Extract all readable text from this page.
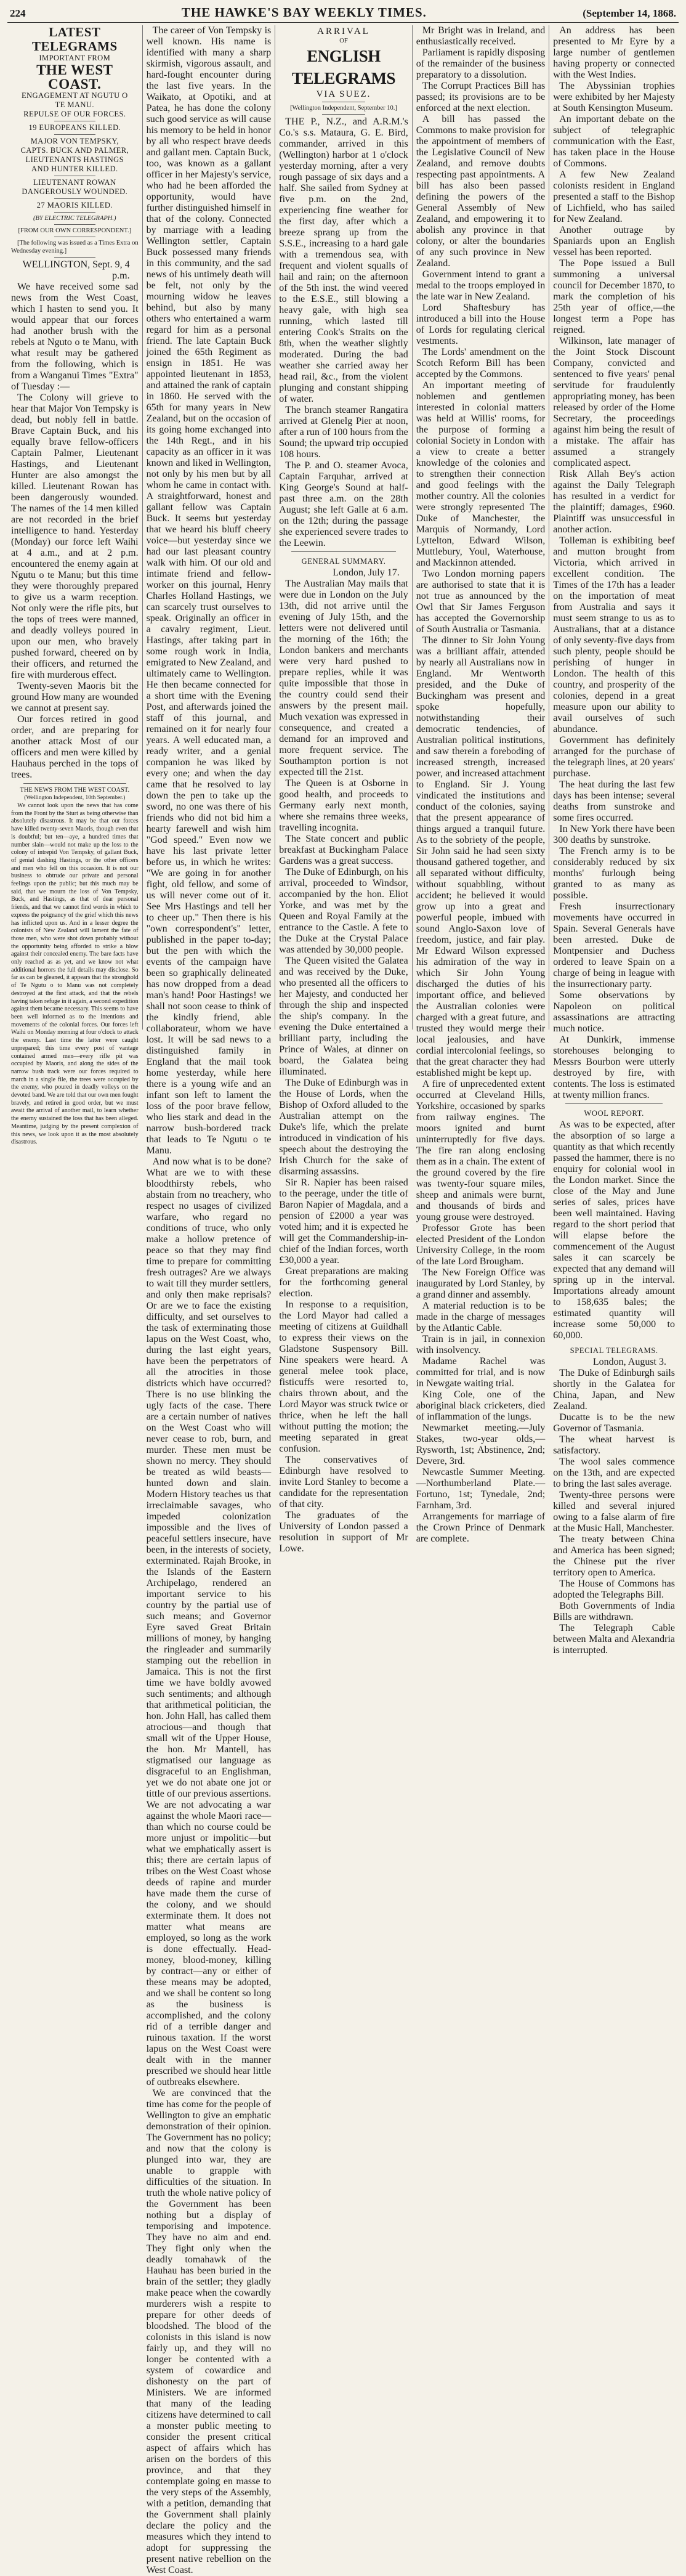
224	THE HAWKE'S BAY WEEKLY TIMES.	(September 14, 1868.
LATEST TELEGRAMS
IMPORTANT FROM
THE WEST COAST.
ENGAGEMENT AT NGUTU O
TE MANU.
REPULSE OF OUR FORCES.
19 EUROPEANS KILLED.
MAJOR VON TEMPSKY,
CAPTS. BUCK AND PALMER,
LIEUTENANTS HASTINGS
AND HUNTER KILLED.
LIEUTENANT ROWAN
DANGEROUSLY WOUNDED.
27 MAORIS KILLED.
(BY ELECTRIC TELEGRAPH.)
[FROM OUR OWN CORRESPONDENT.]

[The following was issued as a Times Extra on Wednesday evening.]

WELLINGTON, Sept. 9, 4 p.m.

We have received some sad news from the West Coast, which I hasten to send you. It would appear that our forces had another brush with the rebels at Nguto o te Manu, with what result may be gathered from the following, which is from a Wanganui Times "Extra" of Tuesday :—

The Colony will grieve to hear that Major Von Tempsky is dead, but nobly fell in battle. Brave Captain Buck, and his equally brave fellow-officers Captain Palmer, Lieutenant Hastings, and Lieutenant Hunter are also amongst the killed. Lieutenant Rowan has been dangerously wounded. The names of the 14 men killed are not recorded in the brief intelligence to hand. Yesterday (Monday) our force left Waihi at 4 a.m., and at 2 p.m. encountered the enemy again at Ngutu o te Manu; but this time they were thoroughly prepared to give us a warm reception. Not only were the rifle pits, but the tops of trees were manned, and deadly volleys poured in upon our men, who bravely pushed forward, cheered on by their officers, and returned the fire with murderous effect.

Twenty-seven Maoris bit the ground How many are wounded we cannot at present say.

Our forces retired in good order, and are preparing for another attack Most of our officers and men were killed by Hauhaus perched in the tops of trees.

THE NEWS FROM THE WEST COAST.
(Wellington Independent, 10th September.)

We cannot look upon the news that has come from the Front by the Sturt as being otherwise than absolutely disastrous. It may be that our forces have killed twenty-seven Maoris, though even that is doubtful; but ten—aye, a hundred times that number slain—would not make up the loss to the colony of intrepid Von Tempsky, of gallant Buck, of genial dashing Hastings, or the other officers and men who fell on this occasion. It is not our business to obtrude our private and personal feelings upon the public; but this much may be said, that we mourn the loss of Von Tempsky, Buck, and Hastings, as that of dear personal friends, and that we cannot find words in which to express the poignancy of the grief which this news has inflicted upon us. And in a lesser degree the colonists of New Zealand will lament the fate of those men, who were shot down probably without the opportunity being afforded to strike a blow against their concealed enemy. The bare facts have only reached as as yet, and we know not what additional horrors the full details may disclose. So far as can be gleaned, it appears that the stronghold of Te Ngutu o to Manu was not completely destroyed at the first attack, and that the rebels having taken refuge in it again, a second expedition against them became necessary. This seems to have been well informed as to the intentions and movements of the colonial forces. Our forces left Waihi on Monday morning at four o'clock to attack the enemy. Last time the latter were caught unprepared; this time every post of vantage contained armed men—every rifle pit was occupied by Maoris, and along the sides of the narrow bush track were our forces required to march in a single file, the trees were occupied by the enemy, who poured in deadly volleys on the devoted band. We are told that our own men fought bravely, and retired in good order, but we must await the arrival of another mail, to learn whether the enemy sustained the loss that has been alleged. Meantime, judging by the present complexion of this news, we look upon it as the most absolutely disastrous.

The career of Von Tempsky is well known. His name is identified with many a sharp skirmish, vigorous assault, and hard-fought encounter during the last five years. In the Waikato, at Opotiki, and at Patea, he has done the colony such good service as will cause his memory to be held in honor by all who respect brave deeds and gallant men. Captain Buck, too, was known as a gallant officer in her Majesty's service, who had he been afforded the opportunity, would have further distinguished himself in that of the colony. Connected by marriage with a leading Wellington settler, Captain Buck possessed many friends in this community, and the sad news of his untimely death will be felt, not only by the mourning widow he leaves behind, but also by many others who entertained a warm regard for him as a personal friend. The late Captain Buck joined the 65th Regiment as ensign in 1851. He was appointed lieutenant in 1853, and attained the rank of captain in 1860. He served with the 65th for many years in New Zealand, but on the occasion of its going home exchanged into the 14th Regt., and in his capacity as an officer in it was known and liked in Wellington, not only by his men but by all whom he came in contact with. A straightforward, honest and gallant fellow was Captain Buck. It seems but yesterday that we heard his bluff cheery voice—but yesterday since we had our last pleasant country walk with him. Of our old and intimate friend and fellow-worker on this journal, Henry Charles Holland Hastings, we can scarcely trust ourselves to speak. Originally an officer in a cavalry regiment, Lieut. Hastings, after taking part in some rough work in India, emigrated to New Zealand, and ultimately came to Wellington. He then became connected for a short time with the Evening Post, and afterwards joined the staff of this journal, and remained on it for nearly four years. A well educated man, a ready writer, and a genial companion he was liked by every one; and when the day came that he resolved to lay down the pen to take up the sword, no one was there of his friends who did not bid him a hearty farewell and wish him "God speed." Even now we have his last private letter before us, in which he writes: "We are going in for another fight, old fellow, and some of us will never come out of it. See Mrs Hastings and tell her to cheer up." Then there is his "own correspondent's" letter, published in the paper to-day; but the pen with which the events of the campaign have been so graphically delineated has now dropped from a dead man's hand! Poor Hastings! we shall not soon cease to think of the kindly friend, able collaborateur, whom we have lost. It will be sad news to a distinguished family in England that the mail took home yesterday, while here there is a young wife and an infant son left to lament the loss of the poor brave fellow, who lies stark and dead in the narrow bush-bordered track that leads to Te Ngutu o te Manu.

And now what is to be done? What are we to with these bloodthirsty rebels, who abstain from no treachery, who respect no usages of civilized warfare, who regard no conditions of truce, who only make a hollow pretence of peace so that they may find time to prepare for committing fresh outrages? Are we always to wait till they murder settlers, and only then make reprisals? Or are we to face the existing difficulty, and set ourselves to the task of exterminating those lapus on the West Coast, who, during the last eight years, have been the perpetrators of all the atrocities in those districts which have occurred? There is no use blinking the ugly facts of the case. There are a certain number of natives on the West Coast who will never cease to rob, burn, and murder. These men must be shown no mercy. They should be treated as wild beasts—hunted down and slain. Modern History teaches us that irreclaimable savages, who impeded colonization impossible and the lives of peaceful settlers insecure, have been, in the interests of society, exterminated. Rajah Brooke, in the Islands of the Eastern Archipelago, rendered an important service to his country by the partial use of such means; and Governor Eyre saved Great Britain millions of money, by hanging the ringleader and summarily stamping out the rebellion in Jamaica. This is not the first time we have boldly avowed such sentiments; and although that arithmetical politician, the hon. John Hall, has called them atrocious—and though that small wit of the Upper House, the hon. Mr Mantell, has stigmatised our language as disgraceful to an Englishman, yet we do not abate one jot or tittle of our previous assertions. We are not advocating a war against the whole Maori race—than which no course could be more unjust or impolitic—but what we emphatically assert is this; there are certain lapus of tribes on the West Coast whose deeds of rapine and murder have made them the curse of the colony, and we should exterminate them. It does not matter what means are employed, so long as the work is done effectually. Head-money, blood-money, killing by contract—any or either of these means may be adopted, and we shall be content so long as the business is accomplished, and the colony rid of a terrible danger and ruinous taxation. If the worst lapus on the West Coast were dealt with in the manner prescribed we should hear little of outbreaks elsewhere.

We are convinced that the time has come for the people of Wellington to give an emphatic demonstration of their opinion. The Government has no policy; and now that the colony is plunged into war, they are unable to grapple with difficulties of the situation. In truth the whole native policy of the Government has been nothing but a display of temporising and impotence. They have no aim and end. They fight only when the deadly tomahawk of the Hauhau has been buried in the brain of the settler; they gladly make peace when the cowardly murderers wish a respite to prepare for other deeds of bloodshed. The blood of the colonists in this island is now fairly up, and they will no longer be contented with a system of cowardice and dishonesty on the part of Ministers. We are informed that many of the leading citizens have determined to call a monster public meeting to consider the present critical aspect of affairs which has arisen on the borders of this province, and that they contemplate going en masse to the very steps of the Assembly, with a petition, demanding that the Government shall plainly declare the policy and the measures which they intend to adopt for suppressing the present native rebellion on the West Coast.

ARRIVAL
OF
ENGLISH TELEGRAMS
VIA SUEZ.
[Wellington Independent, September 10.]

THE P., N.Z., and A.R.M.'s Co.'s s.s. Mataura, G. E. Bird, commander, arrived in this (Wellington) harbor at 1 o'clock yesterday morning, after a very rough passage of six days and a half. She sailed from Sydney at five p.m. on the 2nd, experiencing fine weather for the first day, after which a breeze sprang up from the S.S.E., increasing to a hard gale with a tremendous sea, with frequent and violent squalls of hail and rain; on the afternoon of the 5th inst. the wind veered to the E.S.E., still blowing a heavy gale, with high sea running, which lasted till entering Cook's Straits on the 8th, when the weather slightly moderated. During the bad weather she carried away her head rail, &c., from the violent plunging and constant shipping of water.

The branch steamer Rangatira arrived at Glenelg Pier at noon, after a run of 100 hours from the Sound; the upward trip occupied 108 hours.

The P. and O. steamer Avoca, Captain Farquhar, arrived at King George's Sound at half-past three a.m. on the 28th August; she left Galle at 6 a.m. on the 12th; during the passage she experienced severe trades to the Leewin.

GENERAL SUMMARY.

London, July 17.

The Australian May mails that were due in London on the July 13th, did not arrive until the evening of July 15th, and the letters were not delivered until the morning of the 16th; the London bankers and merchants were very hard pushed to prepare replies, while it was quite impossible that those in the country could send their answers by the present mail. Much vexation was expressed in consequence, and created a demand for an improved and more frequent service. The Southampton portion is not expected till the 21st.

The Queen is at Osborne in good health, and proceeds to Germany early next month, where she remains three weeks, travelling incognita.

The State concert and public breakfast at Buckingham Palace Gardens was a great success.

The Duke of Edinburgh, on his arrival, proceeded to Windsor, accompanied by the hon. Eliot Yorke, and was met by the Queen and Royal Family at the entrance to the Castle. A fete to the Duke at the Crystal Palace was attended by 30,000 people.

The Queen visited the Galatea and was received by the Duke, who presented all the officers to her Majesty, and conducted her through the ship and inspected the ship's company. In the evening the Duke entertained a brilliant party, including the Prince of Wales, at dinner on board, the Galatea being illuminated.

The Duke of Edinburgh was in the House of Lords, when the Bishop of Oxford alluded to the Australian attempt on the Duke's life, which the prelate introduced in vindication of his speech about the destroying the Irish Church for the sake of disarming assassins.

Sir R. Napier has been raised to the peerage, under the title of Baron Napier of Magdala, and a pension of £2000 a year was voted him; and it is expected he will get the Commandership-in-chief of the Indian forces, worth £30,000 a year.

Great preparations are making for the forthcoming general election.

In response to a requisition, the Lord Mayor had called a meeting of citizens at Guildhall to express their views on the Gladstone Suspensory Bill. Nine speakers were heard. A general melee took place, fisticuffs were resorted to, chairs thrown about, and the Lord Mayor was struck twice or thrice, when he left the hall without putting the motion; the meeting separated in great confusion.

The conservatives of Edinburgh have resolved to invite Lord Stanley to become a candidate for the representation of that city.

The graduates of the University of London passed a resolution in support of Mr Lowe.

Mr Bright was in Ireland, and enthusiastically received.

Parliament is rapidly disposing of the remainder of the business preparatory to a dissolution.

The Corrupt Practices Bill has passed; its provisions are to be enforced at the next election.

A bill has passed the Commons to make provision for the appointment of members of the Legislative Council of New Zealand, and remove doubts respecting past appointments. A bill has also been passed defining the powers of the General Assembly of New Zealand, and empowering it to abolish any province in that colony, or alter the boundaries of any such province in New Zealand.

Government intend to grant a medal to the troops employed in the late war in New Zealand.

Lord Shaftesbury has introduced a bill into the House of Lords for regulating clerical vestments.

The Lords' amendment on the Scotch Reform Bill has been accepted by the Commons.

An important meeting of noblemen and gentlemen interested in colonial matters was held at Willis' rooms, for the purpose of forming a colonial Society in London with a view to create a better knowledge of the colonies and to strengthen their connection and good feelings with the mother country. All the colonies were strongly represented The Duke of Manchester, the Marquis of Normandy, Lord Lyttelton, Edward Wilson, Muttlebury, Youl, Waterhouse, and Mackinnon attended.

Two London morning papers are authorised to state that it is not true as announced by the Owl that Sir James Ferguson has accepted the Governorship of South Australia or Tasmania.

The dinner to Sir John Young was a brilliant affair, attended by nearly all Australians now in England. Mr Wentworth presided, and the Duke of Buckingham was present and spoke hopefully, notwithstanding their democratic tendencies, of Australian political institutions, and saw therein a foreboding of increased strength, increased power, and increased attachment to England. Sir J. Young vindicated the institutions and conduct of the colonies, saying that the present appearance of things argued a tranquil future. As to the sobriety of the people, Sir John said he had seen sixty thousand gathered together, and all separated without difficulty, without squabbling, without accident; he believed it would grow up into a great and powerful people, imbued with sound Anglo-Saxon love of freedom, justice, and fair play. Mr Edward Wilson expressed his admiration of the way in which Sir John Young discharged the duties of his important office, and believed the Australian colonies were charged with a great future, and trusted they would merge their local jealousies, and have cordial intercolonial feelings, so that the great character they had established might be kept up.

A fire of unprecedented extent occurred at Cleveland Hills, Yorkshire, occasioned by sparks from railway engines. The moors ignited and burnt uninterruptedly for five days. The fire ran along enclosing them as in a chain. The extent of the ground covered by the fire was twenty-four square miles, sheep and animals were burnt, and thousands of birds and young grouse were destroyed.

Professor Grote has been elected President of the London University College, in the room of the late Lord Brougham.

The New Foreign Office was inaugurated by Lord Stanley, by a grand dinner and assembly.

A material reduction is to be made in the charge of messages by the Atlantic Cable.

Train is in jail, in connexion with insolvency.

Madame Rachel was committed for trial, and is now in Newgate waiting trial.

King Cole, one of the aboriginal black cricketers, died of inflammation of the lungs.

Newmarket meeting.—July Stakes, two-year olds,—Rysworth, 1st; Abstinence, 2nd; Devere, 3rd.

Newcastle Summer Meeting.—Northumberland Plate.—Fortuno, 1st; Tynedale, 2nd; Farnham, 3rd.

Arrangements for marriage of the Crown Prince of Denmark are complete.

An address has been presented to Mr Eyre by a large number of gentlemen having property or connected with the West Indies.

The Abyssinian trophies were exhibited by her Majesty at South Kensington Museum.

An important debate on the subject of telegraphic communication with the East, has taken place in the House of Commons.

A few New Zealand colonists resident in England presented a staff to the Bishop of Lichfield, who has sailed for New Zealand.

Another outrage by Spaniards upon an English vessel has been reported.

The Pope issued a Bull summoning a universal council for December 1870, to mark the completion of his 25th year of office,—the longest term a Pope has reigned.

Wilkinson, late manager of the Joint Stock Discount Company, convicted and sentenced to five years' penal servitude for fraudulently appropriating money, has been released by order of the Home Secretary, the proceedings against him being the result of a mistake. The affair has assumed a strangely complicated aspect.

Risk Allah Bey's action against the Daily Telegraph has resulted in a verdict for the plaintiff; damages, £960. Plaintiff was unsuccessful in another action.

Tolleman is exhibiting beef and mutton brought from Victoria, which arrived in excellent condition. The Times of the 17th has a leader on the importation of meat from Australia and says it must seem strange to us as to Australians, that at a distance of only seventy-five days from such plenty, people should be perishing of hunger in London. The health of this country, and prosperity of the colonies, depend in a great measure upon our ability to avail ourselves of such abundance.

Government has definitely arranged for the purchase of the telegraph lines, at 20 years' purchase.

The heat during the last few days has been intense; several deaths from sunstroke and some fires occurred.

In New York there have been 300 deaths by sunstroke.

The French army is to be considerably reduced by six months' furlough being granted to as many as possible.

Fresh insurrectionary movements have occurred in Spain. Several Generals have been arrested. Duke de Montpensier and Duchess ordered to leave Spain on a charge of being in league with the insurrectionary party.

Some observations by Napoleon on political assassinations are attracting much notice.

At Dunkirk, immense storehouses belonging to Messrs Bourbon were utterly destroyed by fire, with contents. The loss is estimated at twenty million francs.

WOOL REPORT.

As was to be expected, after the absorption of so large a quantity as that which recently passed the hammer, there is no enquiry for colonial wool in the London market. Since the close of the May and June series of sales, prices have been well maintained. Having regard to the short period that will elapse before the commencement of the August sales it can scarcely be expected that any demand will spring up in the interval. Importations already amount to 158,635 bales; the estimated quantity will increase some 50,000 to 60,000.

SPECIAL TELEGRAMS.

London, August 3.

The Duke of Edinburgh sails shortly in the Galatea for China, Japan, and New Zealand.

Ducatte is to be the new Governor of Tasmania.

The wheat harvest is satisfactory.

The wool sales commence on the 13th, and are expected to bring the last sales average.

Twenty-three persons were killed and several injured owing to a false alarm of fire at the Music Hall, Manchester.

The treaty between China and America has been signed; the Chinese put the river territory open to America.

The House of Commons has adopted the Telegraphs Bill.

Both Governments of India Bills are withdrawn.

The Telegraph Cable between Malta and Alexandria is interrupted.
